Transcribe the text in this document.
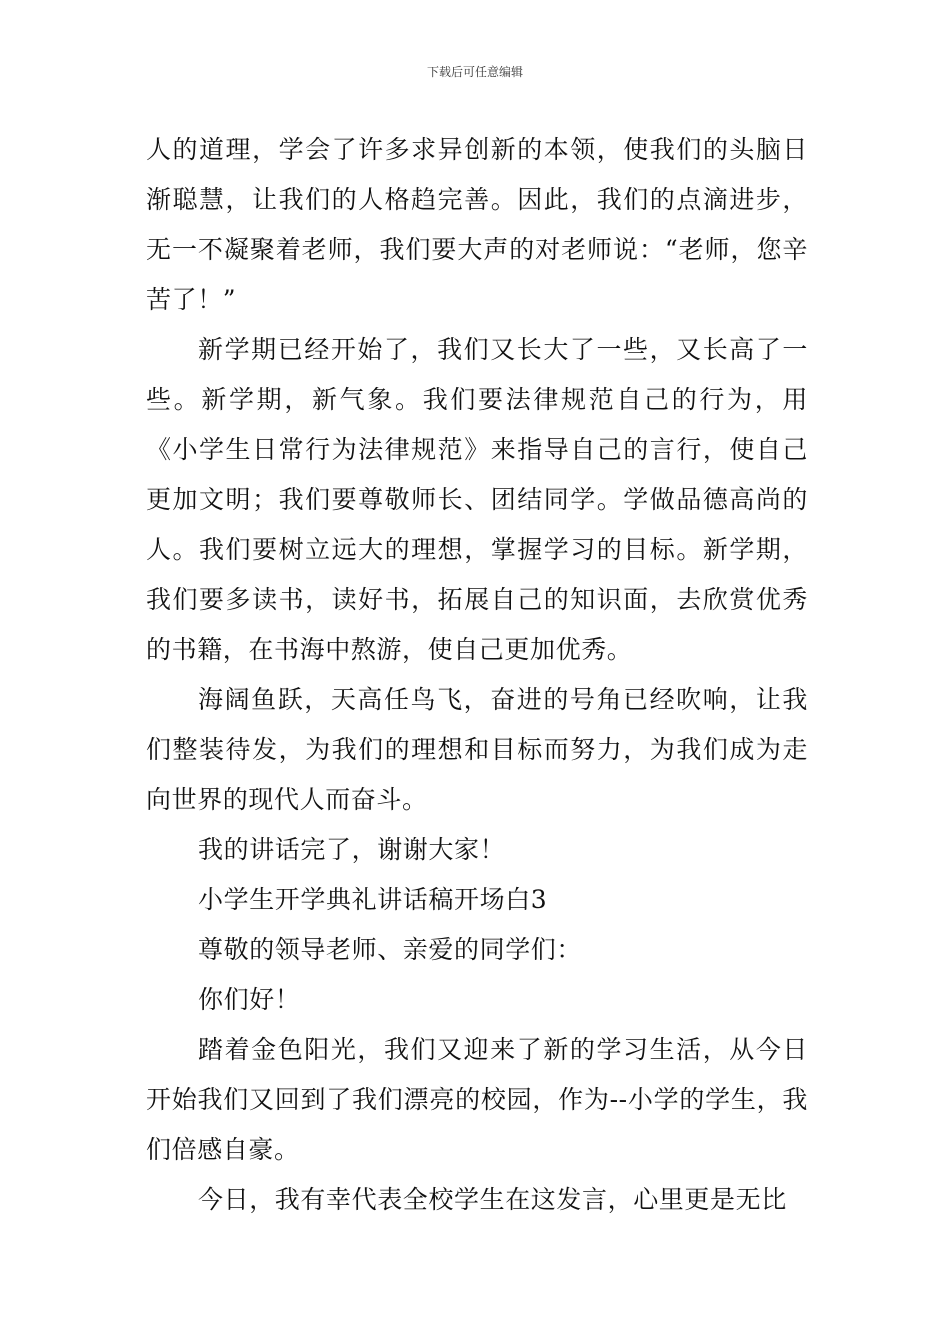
下载后可任意编辑

人的道理，学会了许多求异创新的本领，使我们的头脑日渐聪慧，让我们的人格趋完善。因此，我们的点滴进步，无一不凝聚着老师，我们要大声的对老师说：“老师，您辛苦了！”

新学期已经开始了，我们又长大了一些，又长高了一些。新学期，新气象。我们要法律规范自己的行为，用《小学生日常行为法律规范》来指导自己的言行，使自己更加文明；我们要尊敬师长、团结同学。学做品德高尚的人。我们要树立远大的理想，掌握学习的目标。新学期，我们要多读书，读好书，拓展自己的知识面，去欣赏优秀的书籍，在书海中熬游，使自己更加优秀。

海阔鱼跃，天高任鸟飞，奋进的号角已经吹响，让我们整装待发，为我们的理想和目标而努力，为我们成为走向世界的现代人而奋斗。

我的讲话完了，谢谢大家！

小学生开学典礼讲话稿开场白3

尊敬的领导老师、亲爱的同学们：

你们好！

踏着金色阳光，我们又迎来了新的学习生活，从今日开始我们又回到了我们漂亮的校园，作为--小学的学生，我们倍感自豪。

今日，我有幸代表全校学生在这发言，心里更是无比
